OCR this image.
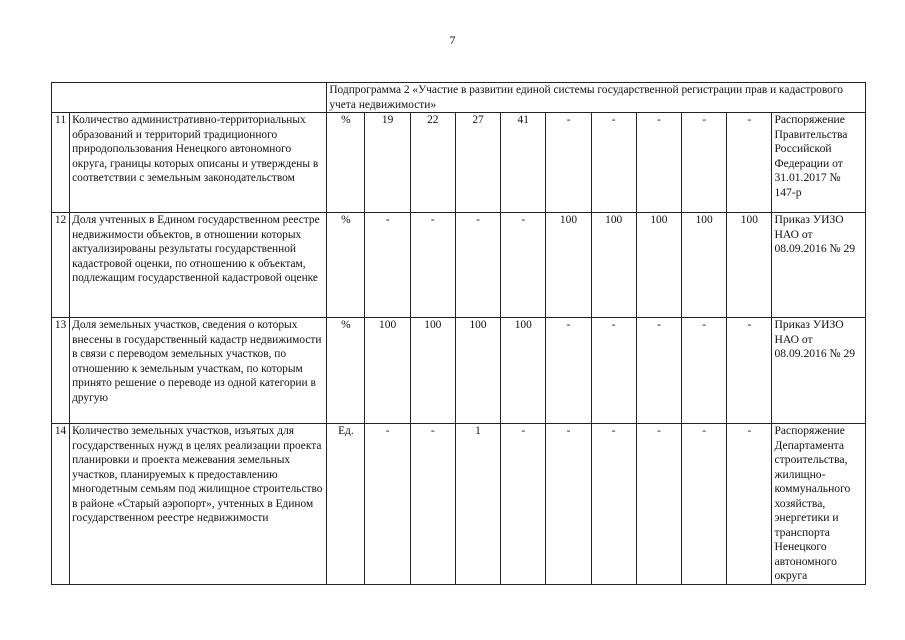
7
		Подпрограмма 2 «Участие в развитии единой системы государственной регистрации прав и кадастрового учета недвижимости»										
11	Количество административно-территориальных образований и территорий традиционного природопользования Ненецкого автономного округа, границы которых описаны и утверждены в соответствии с земельным законодательством	%	19	22	27	41	-	-	-	-	-	Распоряжение Правительства Российской Федерации от 31.01.2017 № 147-р
12	Доля учтенных в Едином государственном реестре недвижимости объектов, в отношении которых актуализированы результаты государственной кадастровой оценки, по отношению к объектам, подлежащим государственной кадастровой оценке	%	-	-	-	-	100	100	100	100	100	Приказ УИЗО НАО от 08.09.2016 № 29
13	Доля земельных участков, сведения о которых внесены в государственный кадастр недвижимости в связи с переводом земельных участков, по отношению к земельным участкам, по которым принято решение о переводе из одной категории в другую	%	100	100	100	100	-	-	-	-	-	Приказ УИЗО НАО от 08.09.2016 № 29
14	Количество земельных участков, изъятых для государственных нужд в целях реализации проекта планировки и проекта межевания земельных участков, планируемых к предоставлению многодетным семьям под жилищное строительство в районе «Старый аэропорт», учтенных в Едином государственном реестре недвижимости	Ед.	-	-	1	-	-	-	-	-	-	Распоряжение Департамента строительства, жилищно-коммунального хозяйства, энергетики и транспорта Ненецкого автономного округа
